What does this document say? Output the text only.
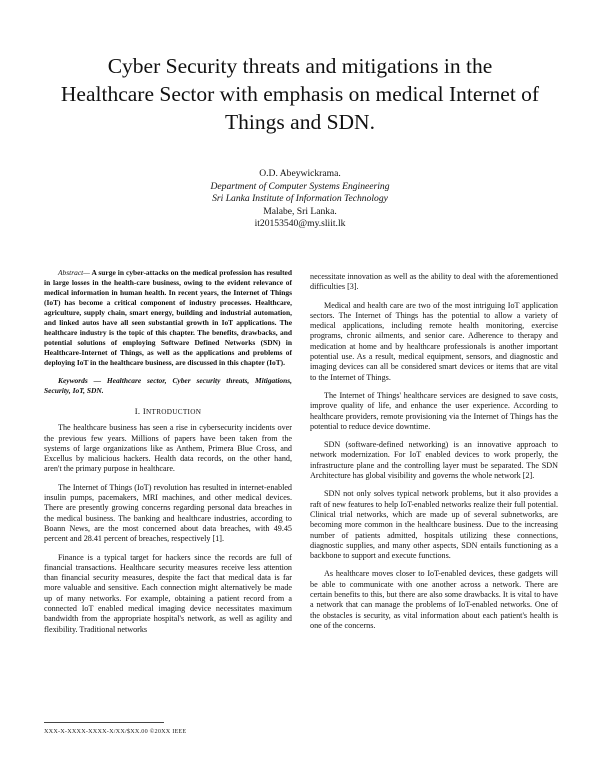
Cyber Security threats and mitigations in the Healthcare Sector with emphasis on medical Internet of Things and SDN.
O.D. Abeywickrama.
Department of Computer Systems Engineering
Sri Lanka Institute of Information Technology
Malabe, Sri Lanka.
it20153540@my.sliit.lk
Abstract— A surge in cyber-attacks on the medical profession has resulted in large losses in the health-care business, owing to the evident relevance of medical information in human health. In recent years, the Internet of Things (IoT) has become a critical component of industry processes. Healthcare, agriculture, supply chain, smart energy, building and industrial automation, and linked autos have all seen substantial growth in IoT applications. The healthcare industry is the topic of this chapter. The benefits, drawbacks, and potential solutions of employing Software Defined Networks (SDN) in Healthcare-Internet of Things, as well as the applications and problems of deploying IoT in the healthcare business, are discussed in this chapter (IoT).
Keywords — Healthcare sector, Cyber security threats, Mitigations, Security, IoT, SDN.
I. INTRODUCTION

The healthcare business has seen a rise in cybersecurity incidents over the previous few years. Millions of papers have been taken from the systems of large organizations like as Anthem, Primera Blue Cross, and Excellus by malicious hackers. Health data records, on the other hand, aren't the primary purpose in healthcare.

The Internet of Things (IoT) revolution has resulted in internet-enabled insulin pumps, pacemakers, MRI machines, and other medical devices. There are presently growing concerns regarding personal data breaches in the medical business. The banking and healthcare industries, according to Boann News, are the most concerned about data breaches, with 49.45 percent and 28.41 percent of breaches, respectively [1].

Finance is a typical target for hackers since the records are full of financial transactions. Healthcare security measures receive less attention than financial security measures, despite the fact that medical data is far more valuable and sensitive. Each connection might alternatively be made up of many networks. For example, obtaining a patient record from a connected IoT enabled medical imaging device necessitates maximum bandwidth from the appropriate hospital's network, as well as agility and flexibility. Traditional networks

necessitate innovation as well as the ability to deal with the aforementioned difficulties [3].

Medical and health care are two of the most intriguing IoT application sectors. The Internet of Things has the potential to allow a variety of medical applications, including remote health monitoring, exercise programs, chronic ailments, and senior care. Adherence to therapy and medication at home and by healthcare professionals is another important potential use. As a result, medical equipment, sensors, and diagnostic and imaging devices can all be considered smart devices or items that are vital to the Internet of Things.

The Internet of Things' healthcare services are designed to save costs, improve quality of life, and enhance the user experience. According to healthcare providers, remote provisioning via the Internet of Things has the potential to reduce device downtime.

SDN (software-defined networking) is an innovative approach to network modernization. For IoT enabled devices to work properly, the infrastructure plane and the controlling layer must be separated. The SDN Architecture has global visibility and governs the whole network [2].

SDN not only solves typical network problems, but it also provides a raft of new features to help IoT-enabled networks realize their full potential. Clinical trial networks, which are made up of several subnetworks, are becoming more common in the healthcare business. Due to the increasing number of patients admitted, hospitals utilizing these connections, diagnostic supplies, and many other aspects, SDN entails functioning as a backbone to support and execute functions.

As healthcare moves closer to IoT-enabled devices, these gadgets will be able to communicate with one another across a network. There are certain benefits to this, but there are also some drawbacks. It is vital to have a network that can manage the problems of IoT-enabled networks. One of the obstacles is security, as vital information about each patient's health is one of the concerns.

XXX-X-XXXX-XXXX-X/XX/$XX.00 ©20XX IEEE
